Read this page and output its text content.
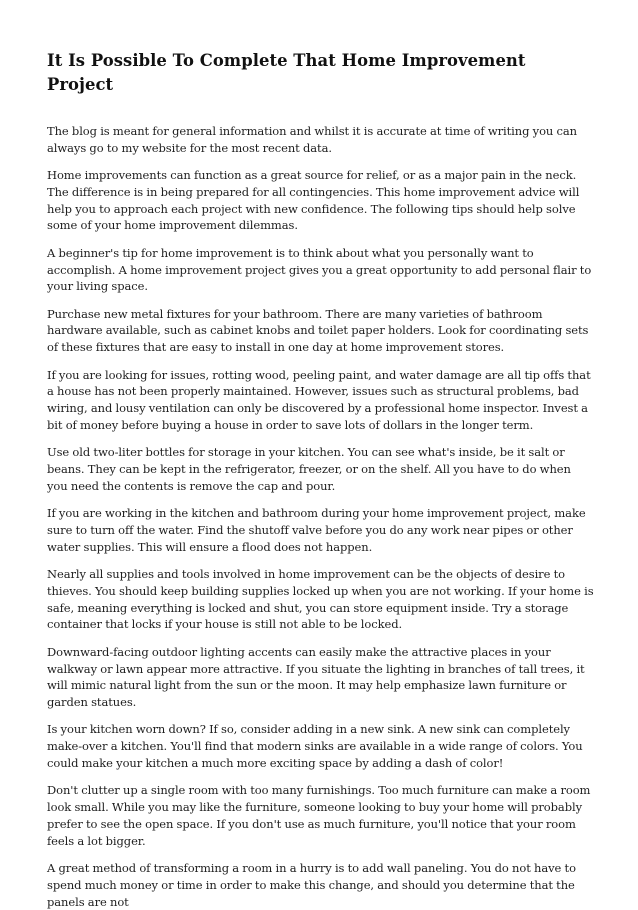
It Is Possible To Complete That Home Improvement Project

The blog is meant for general information and whilst it is accurate at time of writing you can always go to my website for the most recent data.

Home improvements can function as a great source for relief, or as a major pain in the neck. The difference is in being prepared for all contingencies. This home improvement advice will help you to approach each project with new confidence. The following tips should help solve some of your home improvement dilemmas.

A beginner's tip for home improvement is to think about what you personally want to accomplish. A home improvement project gives you a great opportunity to add personal flair to your living space.

Purchase new metal fixtures for your bathroom. There are many varieties of bathroom hardware available, such as cabinet knobs and toilet paper holders. Look for coordinating sets of these fixtures that are easy to install in one day at home improvement stores.

If you are looking for issues, rotting wood, peeling paint, and water damage are all tip offs that a house has not been properly maintained. However, issues such as structural problems, bad wiring, and lousy ventilation can only be discovered by a professional home inspector. Invest a bit of money before buying a house in order to save lots of dollars in the longer term.

Use old two-liter bottles for storage in your kitchen. You can see what's inside, be it salt or beans. They can be kept in the refrigerator, freezer, or on the shelf. All you have to do when you need the contents is remove the cap and pour.

If you are working in the kitchen and bathroom during your home improvement project, make sure to turn off the water. Find the shutoff valve before you do any work near pipes or other water supplies. This will ensure a flood does not happen.

Nearly all supplies and tools involved in home improvement can be the objects of desire to thieves. You should keep building supplies locked up when you are not working. If your home is safe, meaning everything is locked and shut, you can store equipment inside. Try a storage container that locks if your house is still not able to be locked.

Downward-facing outdoor lighting accents can easily make the attractive places in your walkway or lawn appear more attractive. If you situate the lighting in branches of tall trees, it will mimic natural light from the sun or the moon. It may help emphasize lawn furniture or garden statues.

Is your kitchen worn down? If so, consider adding in a new sink. A new sink can completely make-over a kitchen. You'll find that modern sinks are available in a wide range of colors. You could make your kitchen a much more exciting space by adding a dash of color!

Don't clutter up a single room with too many furnishings. Too much furniture can make a room look small. While you may like the furniture, someone looking to buy your home will probably prefer to see the open space. If you don't use as much furniture, you'll notice that your room feels a lot bigger.

A great method of transforming a room in a hurry is to add wall paneling. You do not have to spend much money or time in order to make this change, and should you determine that the panels are not
